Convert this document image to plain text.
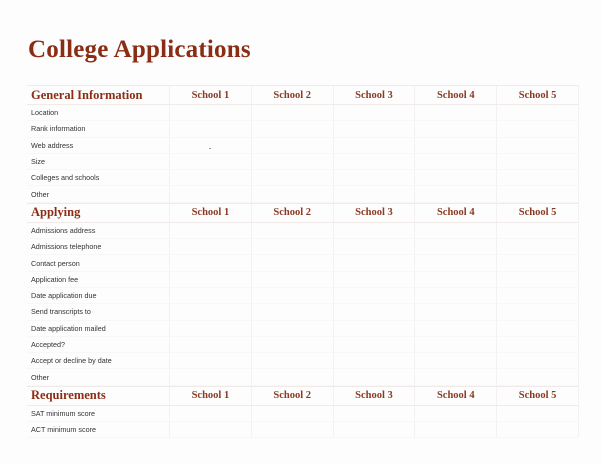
College Applications
General Information	School 1	School 2	School 3	School 4	School 5
Location
Rank information
Web address
Size
Colleges and schools
Other
Applying	School 1	School 2	School 3	School 4	School 5
Admissions address
Admissions telephone
Contact person
Application fee
Date application due
Send transcripts to
Date application mailed
Accepted?
Accept or decline by date
Other
Requirements	School 1	School 2	School 3	School 4	School 5
SAT minimum score
ACT minimum score
